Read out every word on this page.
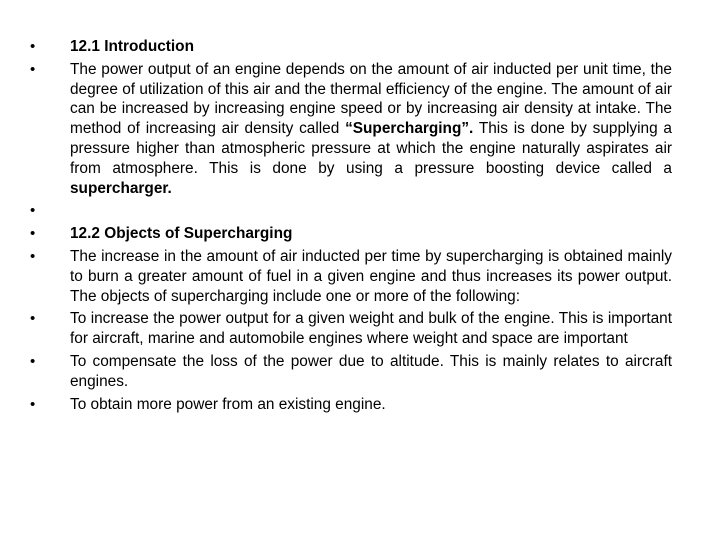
• 12.1 Introduction
• The power output of an engine depends on the amount of air inducted per unit time, the degree of utilization of this air and the thermal efficiency of the engine. The amount of air can be increased by increasing engine speed or by increasing air density at intake. The method of increasing air density called “Supercharging”. This is done by supplying a pressure higher than atmospheric pressure at which the engine naturally aspirates air from atmosphere. This is done by using a pressure boosting device called a supercharger.
•
• 12.2 Objects of Supercharging
• The increase in the amount of air inducted per time by supercharging is obtained mainly to burn a greater amount of fuel in a given engine and thus increases its power output. The objects of supercharging include one or more of the following:
• To increase the power output for a given weight and bulk of the engine. This is important for aircraft, marine and automobile engines where weight and space are important
• To compensate the loss of the power due to altitude. This is mainly relates to aircraft engines.
• To obtain more power from an existing engine.
